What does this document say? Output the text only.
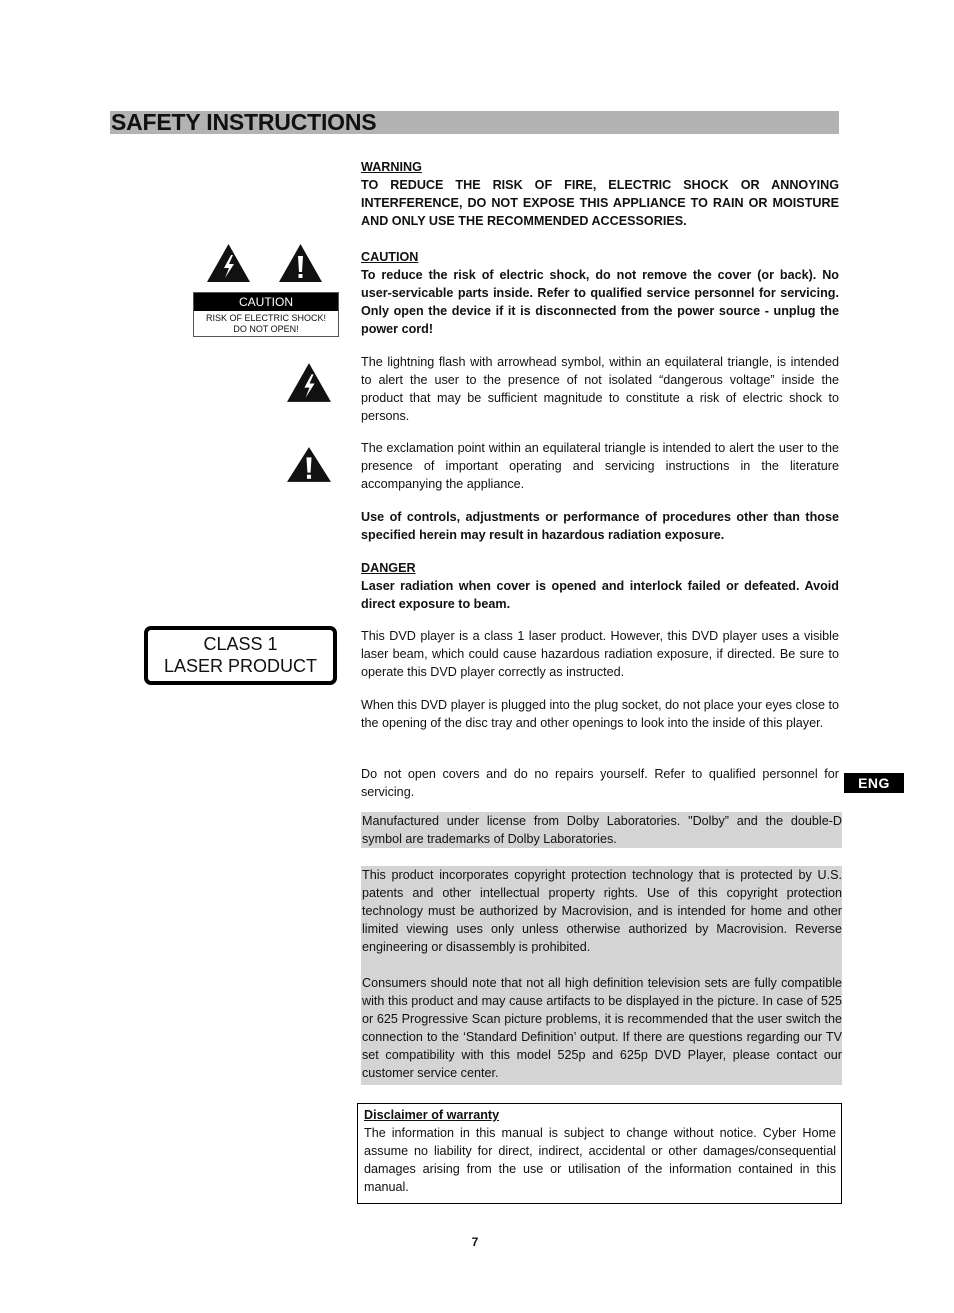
SAFETY INSTRUCTIONS
CAUTION
RISK OF ELECTRIC SHOCK!
DO NOT OPEN!
CLASS 1
LASER PRODUCT
ENG

WARNING

TO REDUCE THE RISK OF FIRE, ELECTRIC SHOCK OR ANNOYING INTERFERENCE, DO NOT EXPOSE THIS APPLIANCE TO RAIN OR MOISTURE AND ONLY USE THE RECOMMENDED ACCESSORIES.

CAUTION

To reduce the risk of electric shock, do not remove the cover (or back). No user-servicable parts inside. Refer to qualified service personnel for servicing. Only open the device if it is disconnected from the power source - unplug the power cord!

The lightning flash with arrowhead symbol, within an equilateral triangle, is intended to alert the user to the presence of not isolated “dangerous voltage” inside the product that may be sufficient magnitude to constitute a risk of electric shock to persons.

The exclamation point within an equilateral triangle is intended to alert the user to the presence of important operating and servicing instructions in the literature accompanying the appliance.

Use of controls, adjustments or performance of procedures other than those specified herein may result in hazardous radiation exposure.

DANGER

Laser radiation when cover is opened and interlock failed or defeated. Avoid direct exposure to beam.

This DVD player is a class 1 laser product. However, this DVD player uses a visible laser beam, which could cause hazardous radiation exposure, if directed. Be sure to operate this DVD player correctly as instructed.

When this DVD player is plugged into the plug socket, do not place your eyes close to the opening of the disc tray and other openings to look into the inside of this player.

Do not open covers and do no repairs yourself. Refer to qualified personnel for servicing.

Manufactured under license from Dolby Laboratories. "Dolby” and the double-D symbol are trademarks of Dolby Laboratories.

This product incorporates copyright protection technology that is protected by U.S. patents and other intellectual property rights. Use of this copyright protection technology must be authorized by Macrovision, and is intended for home and other limited viewing uses only unless otherwise authorized by Macrovision. Reverse engineering or disassembly is prohibited.

Consumers should note that not all high definition television sets are fully compatible with this product and may cause artifacts to be displayed in the picture. In case of 525 or 625 Progressive Scan picture problems, it is recommended that the user switch the connection to the ‘Standard Definition’ output. If there are questions regarding our TV set compatibility with this model 525p and 625p DVD Player, please contact our customer service center.

Disclaimer of warranty

The information in this manual is subject to change without notice. Cyber Home assume no liability for direct, indirect, accidental or other damages/consequential damages arising from the use or utilisation of the information contained in this manual.

7
